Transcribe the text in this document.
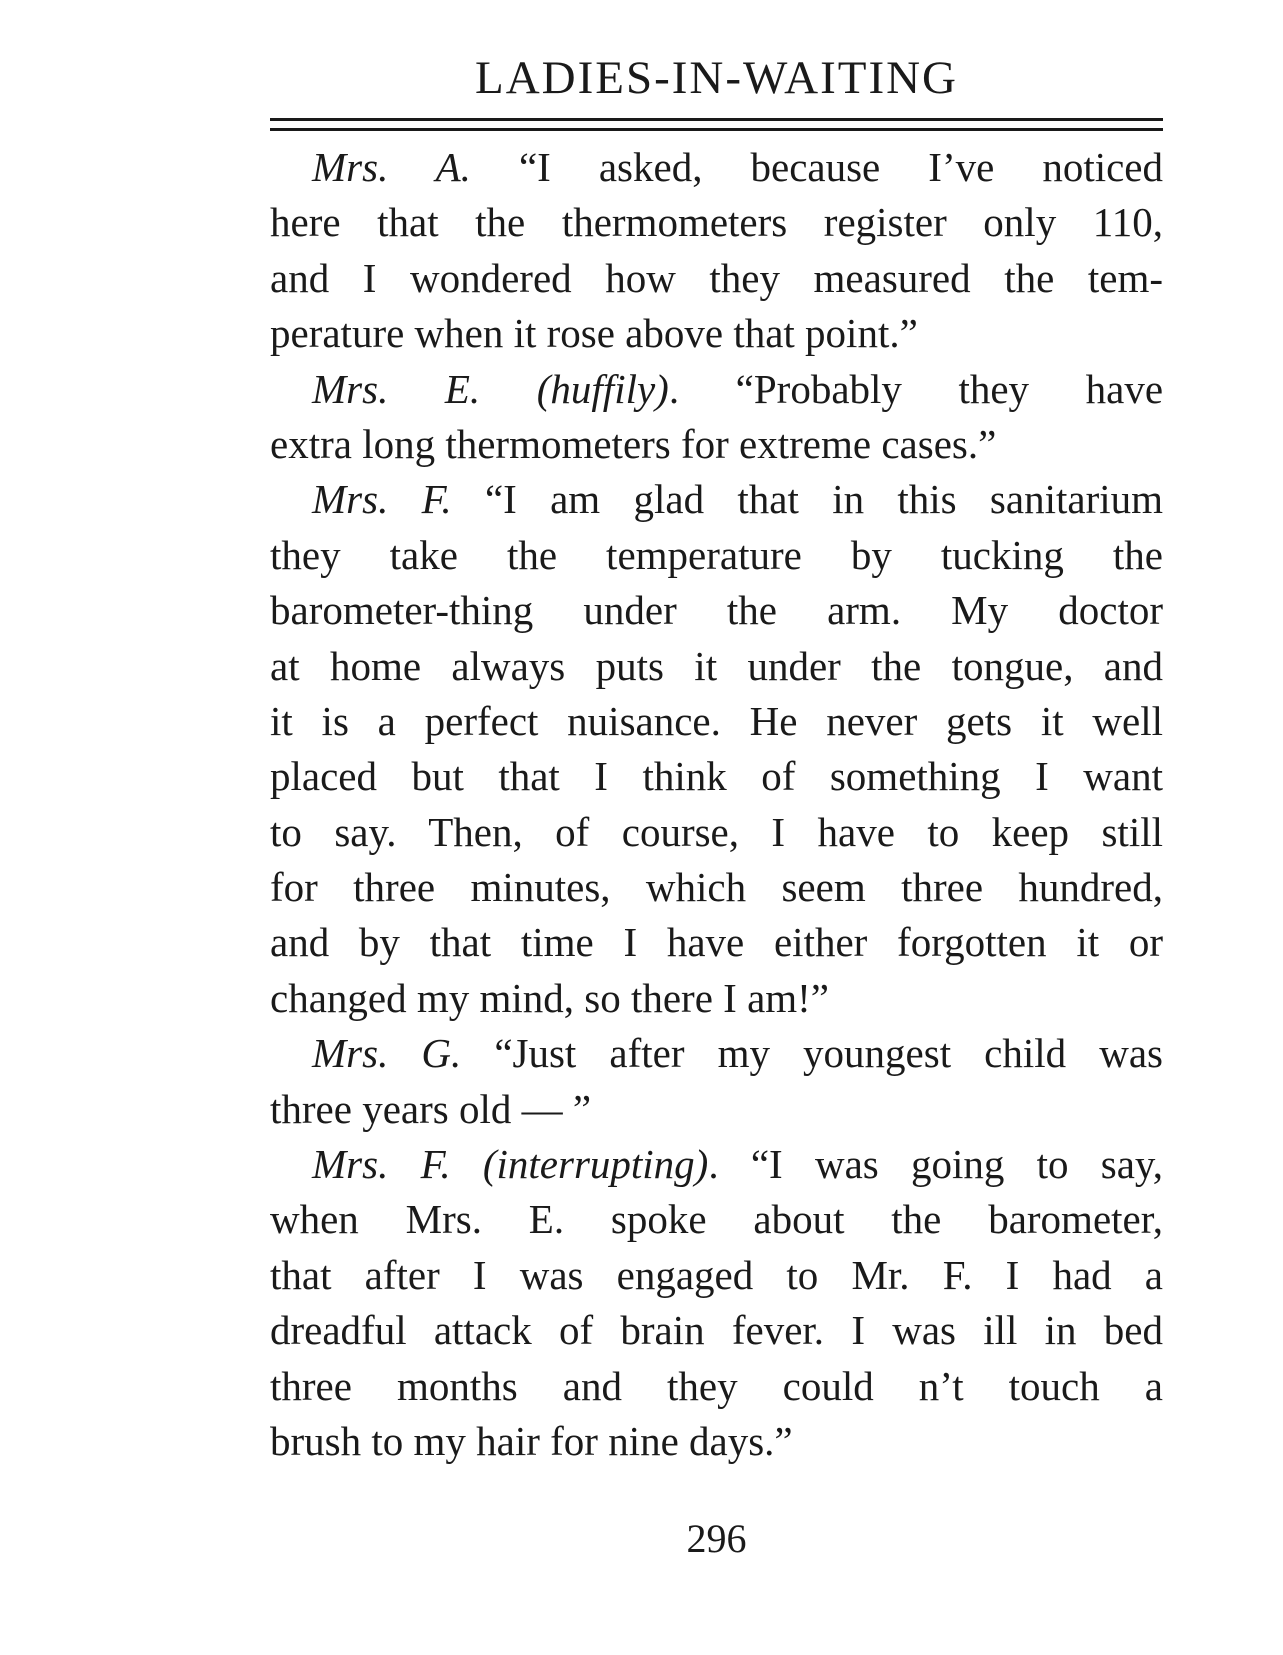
LADIES-IN-WAITING
Mrs. A. “I asked, because I’ve noticed
here that the thermometers register only 110,
and I wondered how they measured the tem-
perature when it rose above that point.”
Mrs. E. (huffily). “Probably they have
extra long thermometers for extreme cases.”
Mrs. F. “I am glad that in this sanitarium
they take the temperature by tucking the
barometer-thing under the arm. My doctor
at home always puts it under the tongue, and
it is a perfect nuisance. He never gets it well
placed but that I think of something I want
to say. Then, of course, I have to keep still
for three minutes, which seem three hundred,
and by that time I have either forgotten it or
changed my mind, so there I am!”
Mrs. G. “Just after my youngest child was
three years old — ”
Mrs. F. (interrupting). “I was going to say,
when Mrs. E. spoke about the barometer,
that after I was engaged to Mr. F. I had a
dreadful attack of brain fever. I was ill in bed
three months and they could n’t touch a
brush to my hair for nine days.”
296
